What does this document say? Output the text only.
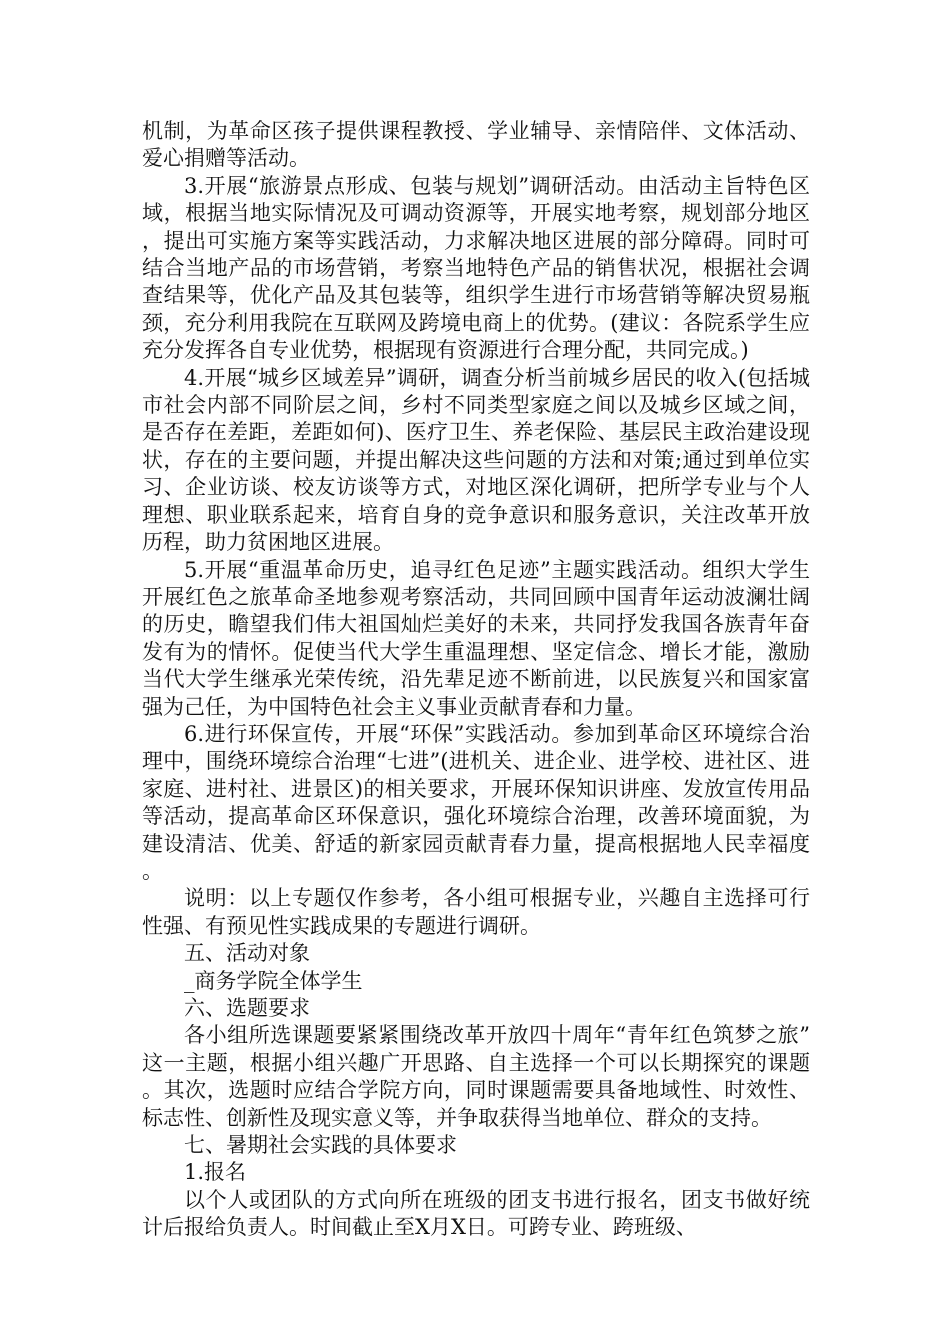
机制，为革命区孩子提供课程教授、学业辅导、亲情陪伴、文体活动、爱心捐赠等活动。

3.开展“旅游景点形成、包装与规划”调研活动。由活动主旨特色区域，根据当地实际情况及可调动资源等，开展实地考察，规划部分地区，提出可实施方案等实践活动，力求解决地区进展的部分障碍。同时可结合当地产品的市场营销，考察当地特色产品的销售状况，根据社会调查结果等，优化产品及其包装等，组织学生进行市场营销等解决贸易瓶颈，充分利用我院在互联网及跨境电商上的优势。(建议：各院系学生应充分发挥各自专业优势，根据现有资源进行合理分配，共同完成。)

4.开展“城乡区域差异”调研，调查分析当前城乡居民的收入(包括城市社会内部不同阶层之间，乡村不同类型家庭之间以及城乡区域之间，是否存在差距，差距如何)、医疗卫生、养老保险、基层民主政治建设现状，存在的主要问题，并提出解决这些问题的方法和对策;通过到单位实习、企业访谈、校友访谈等方式，对地区深化调研，把所学专业与个人理想、职业联系起来，培育自身的竞争意识和服务意识，关注改革开放历程，助力贫困地区进展。

5.开展“重温革命历史，追寻红色足迹”主题实践活动。组织大学生开展红色之旅革命圣地参观考察活动，共同回顾中国青年运动波澜壮阔的历史，瞻望我们伟大祖国灿烂美好的未来，共同抒发我国各族青年奋发有为的情怀。促使当代大学生重温理想、坚定信念、增长才能，激励当代大学生继承光荣传统，沿先辈足迹不断前进，以民族复兴和国家富强为己任，为中国特色社会主义事业贡献青春和力量。

6.进行环保宣传，开展“环保”实践活动。参加到革命区环境综合治理中，围绕环境综合治理“七进”(进机关、进企业、进学校、进社区、进家庭、进村社、进景区)的相关要求，开展环保知识讲座、发放宣传用品等活动，提高革命区环保意识，强化环境综合治理，改善环境面貌，为建设清洁、优美、舒适的新家园贡献青春力量，提高根据地人民幸福度。

说明：以上专题仅作参考，各小组可根据专业，兴趣自主选择可行性强、有预见性实践成果的专题进行调研。

五、活动对象

_商务学院全体学生

六、选题要求

各小组所选课题要紧紧围绕改革开放四十周年“青年红色筑梦之旅”这一主题，根据小组兴趣广开思路、自主选择一个可以长期探究的课题。其次，选题时应结合学院方向，同时课题需要具备地域性、时效性、标志性、创新性及现实意义等，并争取获得当地单位、群众的支持。

七、暑期社会实践的具体要求

1.报名

以个人或团队的方式向所在班级的团支书进行报名，团支书做好统计后报给负责人。时间截止至X月X日。可跨专业、跨班级、
